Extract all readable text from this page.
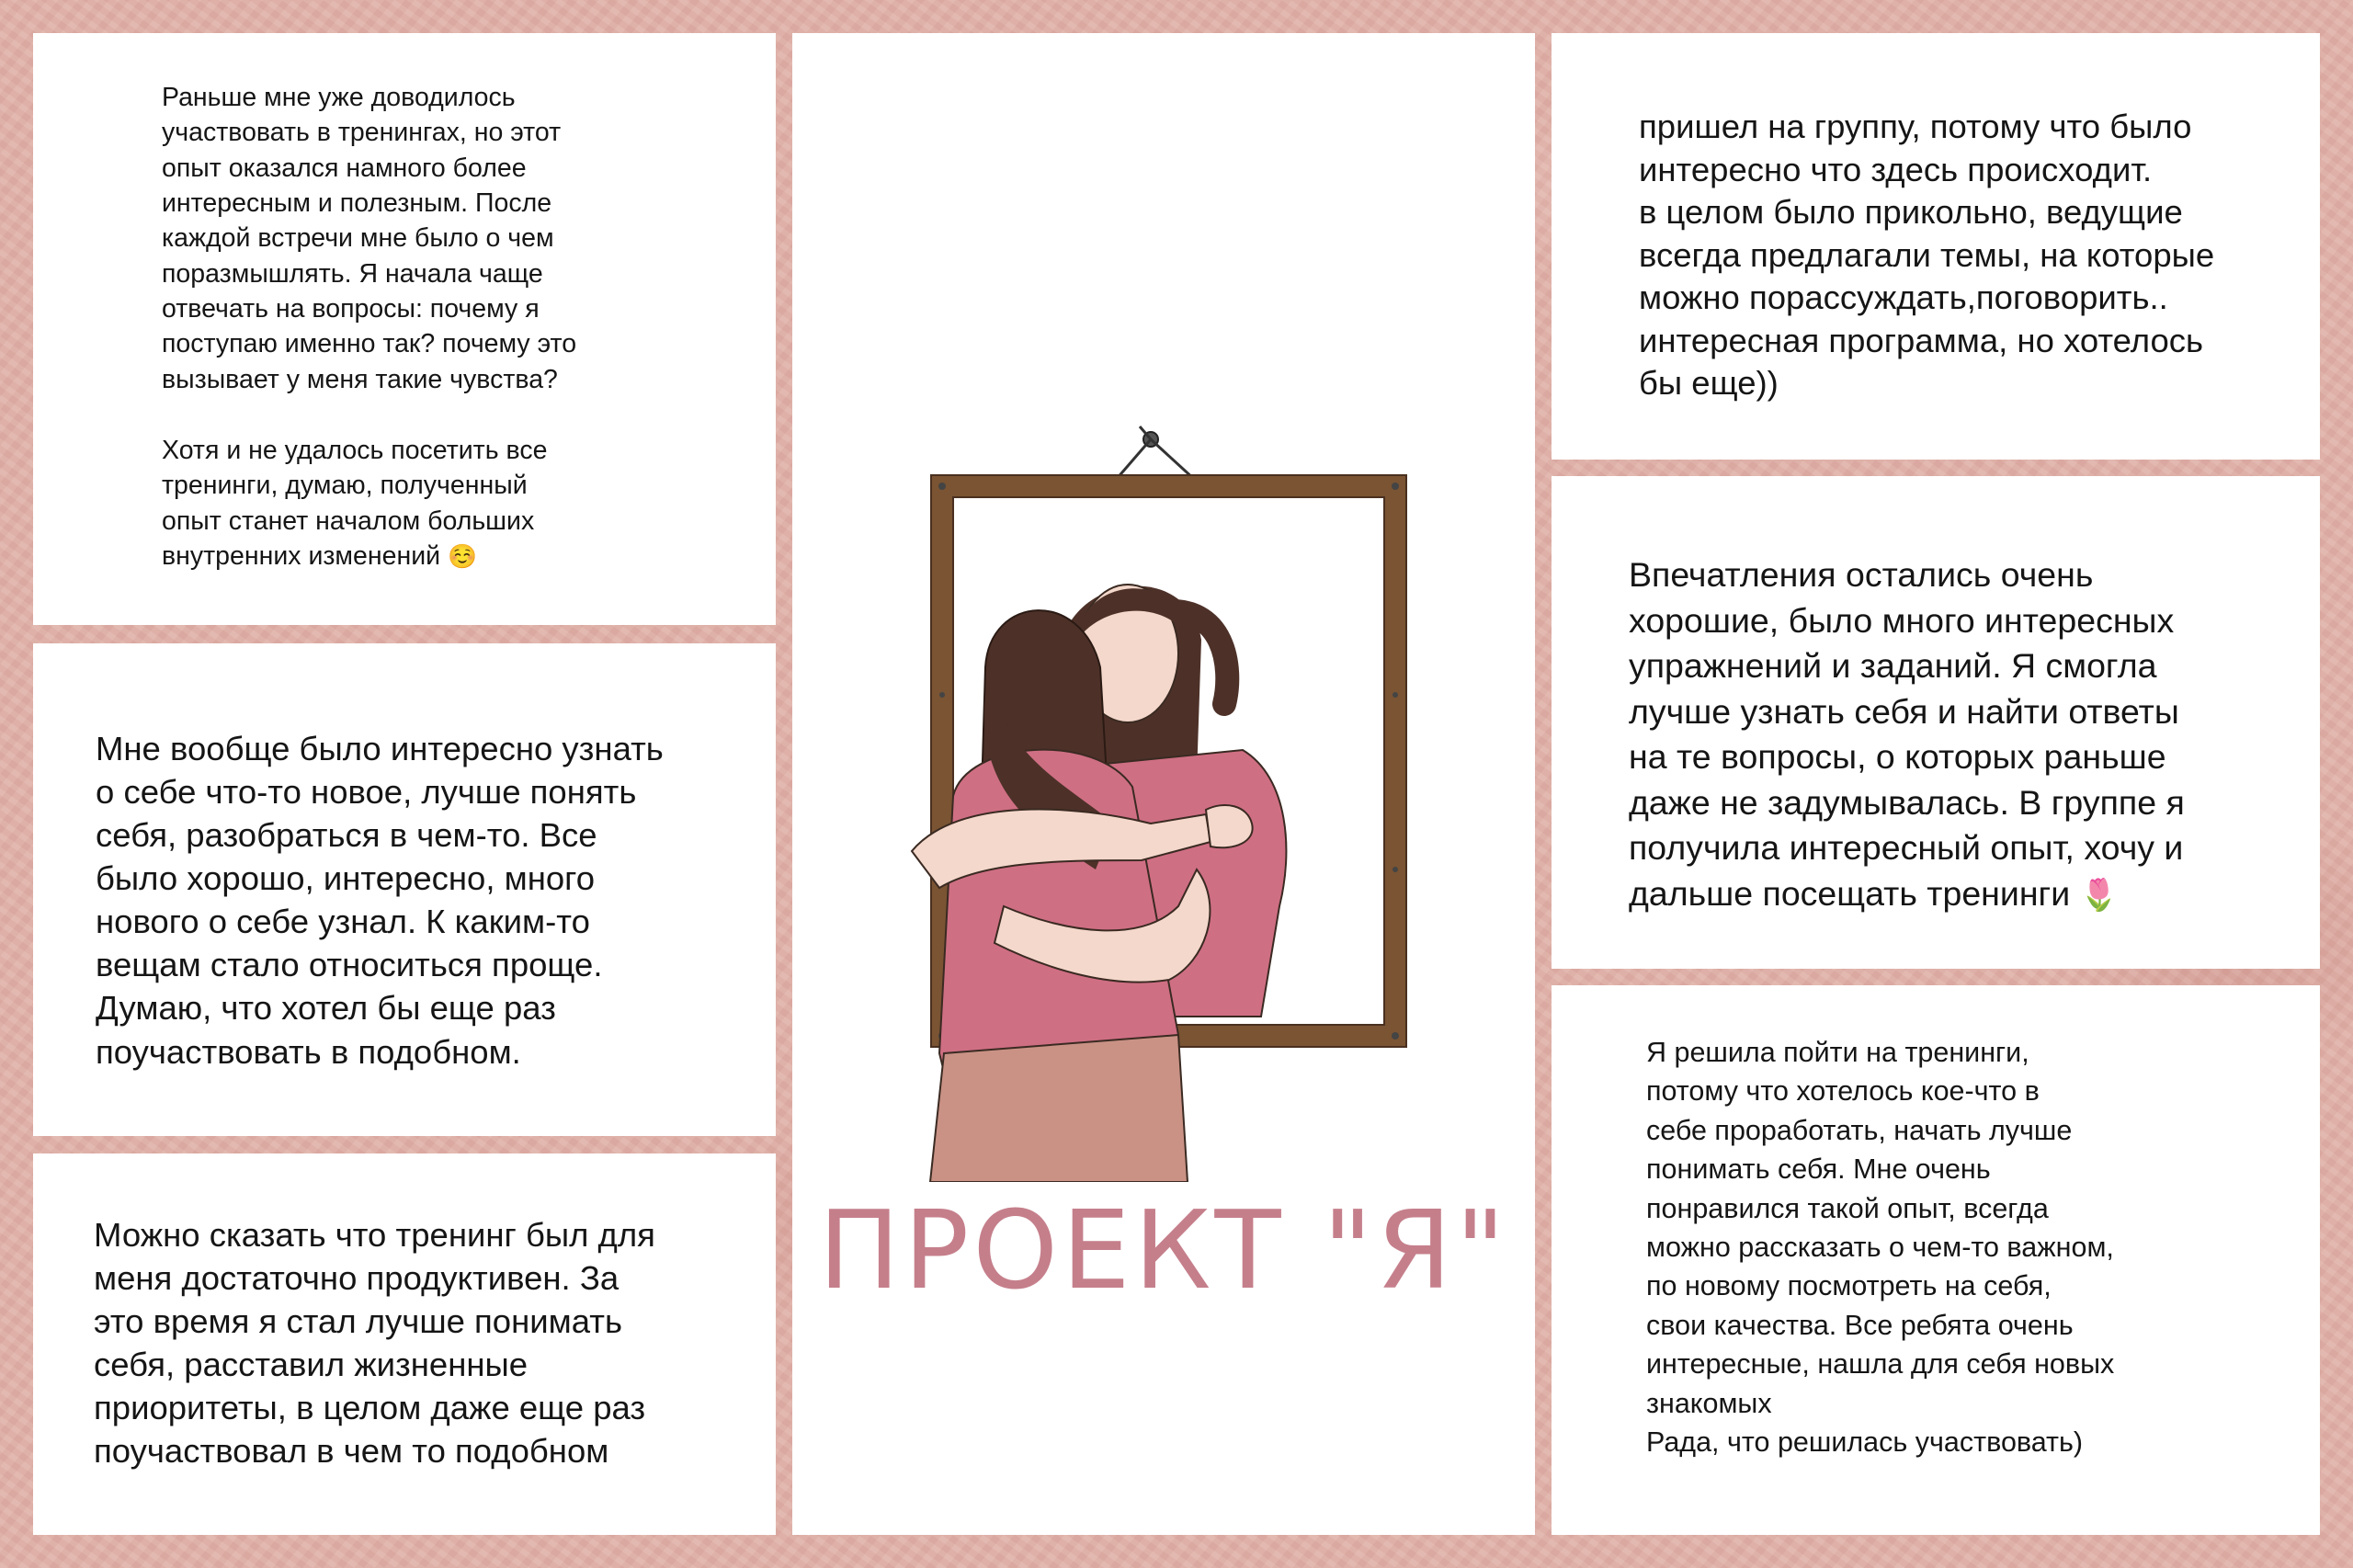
Раньше мне уже доводилось
участвовать в тренингах, но этот
опыт оказался намного более
интересным и полезным. После
каждой встречи мне было о чем
поразмышлять. Я начала чаще
отвечать на вопросы: почему я
поступаю именно так? почему это
вызывает у меня такие чувства?

Хотя и не удалось посетить все
тренинги, думаю, полученный
опыт станет началом больших
внутренних изменений ☺️

Мне вообще было интересно узнать
о себе что-то новое, лучше понять
себя, разобраться в чем-то. Все
было хорошо, интересно, много
нового о себе узнал. К каким-то
вещам стало относиться проще.
Думаю, что хотел бы еще раз
поучаствовать в подобном.

Можно сказать что тренинг был для
меня достаточно продуктивен. За
это время я стал лучше понимать
себя, расставил жизненные
приоритеты, в целом даже еще раз
поучаствовал в чем то подобном

ПРОЕКТ "Я"

пришел на группу, потому что было
интересно что здесь происходит.
в целом было прикольно, ведущие
всегда предлагали темы, на которые
можно порассуждать,поговорить..
интересная программа, но хотелось
бы еще))

Впечатления остались очень
хорошие, было много интересных
упражнений и заданий. Я смогла
лучше узнать себя и найти ответы
на те вопросы, о которых раньше
даже не задумывалась. В группе я
получила интересный опыт, хочу и
дальше посещать тренинги 🌷

Я решила пойти на тренинги,
потому что хотелось кое-что в
себе проработать, начать лучше
понимать себя. Мне очень
понравился такой опыт, всегда
можно рассказать о чем-то важном,
по новому посмотреть на себя,
свои качества. Все ребята очень
интересные, нашла для себя новых
знакомых
Рада, что решилась участвовать)
